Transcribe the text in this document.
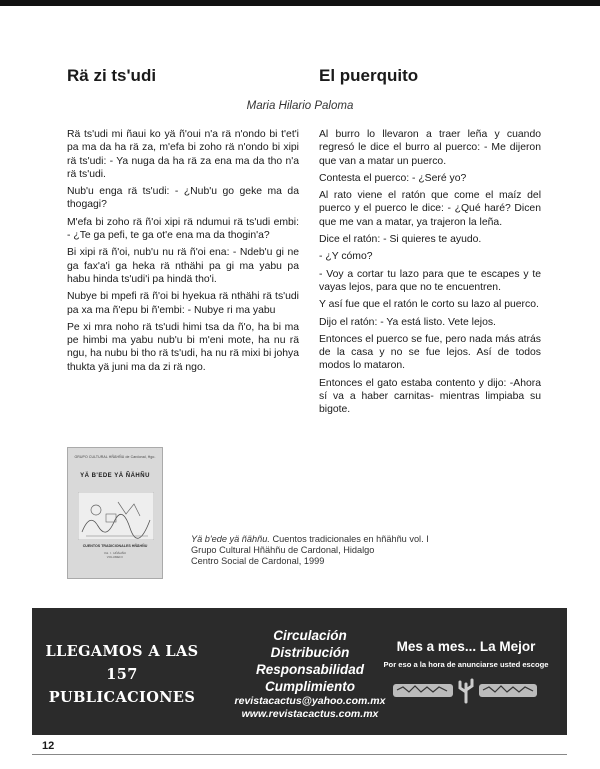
Rä zi ts'udi	El puerquito
Maria Hilario Paloma

Rä ts'udi mi ñaui ko yä ñ'oui n'a rä n'ondo bi t'et'i pa ma da ha rä za, m'efa bi zoho rä n'ondo bi xipi rä ts'udi: - Ya nuga da ha rä za ena ma da tho n'a rä ts'udi.

Nub'u enga rä ts'udi: - ¿Nub'u go geke ma da thogagi?

M'efa bi zoho rä ñ'oi xipi rä ndumui rä ts'udi embi: - ¿Te ga pefi, te ga ot'e ena ma da thogin'a?

Bi xipi rä ñ'oi, nub'u nu rä ñ'oi ena: - Ndeb'u gi ne ga fax'a'i ga heka rä nthähi pa gi ma yabu pa habu hinda ts'udi'i pa hindä tho'i.

Nubye bi mpefi rä ñ'oi bi hyekua rä nthähi rä ts'udi pa xa ma ñ'epu bi ñ'embi: - Nubye ri ma yabu

Pe xi mra noho rä ts'udi himi tsa da ñ'o, ha bi ma pe himbi ma yabu nub'u bi m'eni mote, ha nu rä ngu, ha nubu bi tho rä ts'udi, ha nu rä mixi bi johya thukta yä juni ma da zi rä ngo.

Al burro lo llevaron a traer leña y cuando regresó le dice el burro al puerco: - Me dijeron que van a matar un puerco.

Contesta el puerco: - ¿Seré yo?

Al rato viene el ratón que come el maíz del puerco y el puerco le dice: - ¿Qué haré? Dicen que me van a matar, ya trajeron la leña.

Dice el ratón: - Si quieres te ayudo.

- ¿Y cómo?

- Voy a cortar tu lazo para que te escapes y te vayas lejos, para que no te encuentren.

Y así fue que el ratón le corto su lazo al puerco.

Dijo el ratón: - Ya está listo. Vete lejos.

Entonces el puerco se fue, pero nada más atrás de la casa y no se fue lejos. Así de todos modos lo mataron.

Entonces el gato estaba contento y dijo: -Ahora sí va a haber carnitas- mientras limpiaba su bigote.

GRUPO CULTURAL HÑÄHÑU de Cardonal, Hgo.
YÄ B'EDE YÄ ÑÄHÑU
CUENTOS TRADICIONALES HÑÄHÑU
Vol. I · HÑÄHÑU
VOLUMEN I
Yä b'ede yä ñähñu. Cuentos tradicionales en hñähñu vol. I
Grupo Cultural Hñähñu de Cardonal, Hidalgo
Centro Social de Cardonal, 1999
LLEGAMOS A LAS
157 PUBLICACIONES
Circulación
Distribución
Responsabilidad
Cumplimiento
revistacactus@yahoo.com.mx
www.revistacactus.com.mx
Mes a mes... La Mejor
Por eso a la hora de anunciarse usted escoge
12
